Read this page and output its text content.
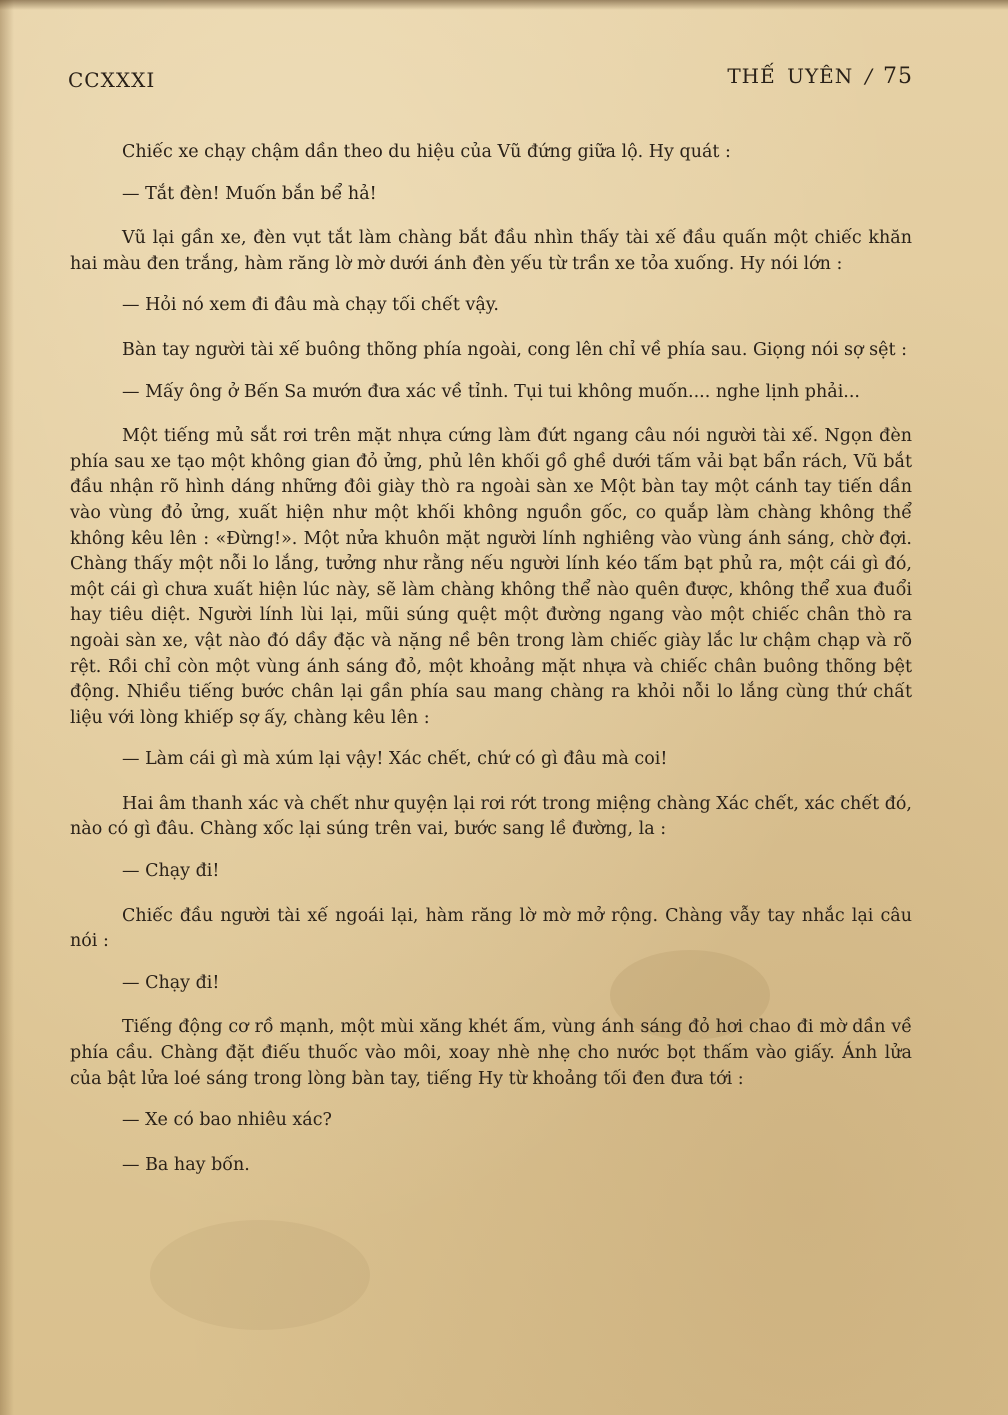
CCXXXI	THẾ UYÊN / 75

Chiếc xe chạy chậm dần theo du hiệu của Vũ đứng giữa lộ. Hy quát :

— Tắt đèn! Muốn bắn bể hả!

Vũ lại gần xe, đèn vụt tắt làm chàng bắt đầu nhìn thấy tài xế đầu quấn một chiếc khăn hai màu đen trắng, hàm răng lờ mờ dưới ánh đèn yếu từ trần xe tỏa xuống. Hy nói lớn :

— Hỏi nó xem đi đâu mà chạy tối chết vậy.

Bàn tay người tài xế buông thõng phía ngoài, cong lên chỉ về phía sau. Giọng nói sợ sệt :

— Mấy ông ở Bến Sa mướn đưa xác về tỉnh. Tụi tui không muốn.... nghe lịnh phải...

Một tiếng mủ sắt rơi trên mặt nhựa cứng làm đứt ngang câu nói người tài xế. Ngọn đèn phía sau xe tạo một không gian đỏ ửng, phủ lên khối gồ ghề dưới tấm vải bạt bẩn rách, Vũ bắt đầu nhận rõ hình dáng những đôi giày thò ra ngoài sàn xe Một bàn tay một cánh tay tiến dần vào vùng đỏ ửng, xuất hiện như một khối không nguồn gốc, co quắp làm chàng không thể không kêu lên : «Đừng!». Một nửa khuôn mặt người lính nghiêng vào vùng ánh sáng, chờ đợi. Chàng thấy một nỗi lo lắng, tưởng như rằng nếu người lính kéo tấm bạt phủ ra, một cái gì đó, một cái gì chưa xuất hiện lúc này, sẽ làm chàng không thể nào quên được, không thể xua đuổi hay tiêu diệt. Người lính lùi lại, mũi súng quệt một đường ngang vào một chiếc chân thò ra ngoài sàn xe, vật nào đó dầy đặc và nặng nề bên trong làm chiếc giày lắc lư chậm chạp và rõ rệt. Rồi chỉ còn một vùng ánh sáng đỏ, một khoảng mặt nhựa và chiếc chân buông thõng bệt động. Nhiều tiếng bước chân lại gần phía sau mang chàng ra khỏi nỗi lo lắng cùng thứ chất liệu với lòng khiếp sợ ấy, chàng kêu lên :

— Làm cái gì mà xúm lại vậy! Xác chết, chứ có gì đâu mà coi!

Hai âm thanh xác và chết như quyện lại rơi rớt trong miệng chàng Xác chết, xác chết đó, nào có gì đâu. Chàng xốc lại súng trên vai, bước sang lề đường, la :

— Chạy đi!

Chiếc đầu người tài xế ngoái lại, hàm răng lờ mờ mở rộng. Chàng vẫy tay nhắc lại câu nói :

— Chạy đi!

Tiếng động cơ rồ mạnh, một mùi xăng khét ấm, vùng ánh sáng đỏ hơi chao đi mờ dần về phía cầu. Chàng đặt điếu thuốc vào môi, xoay nhè nhẹ cho nước bọt thấm vào giấy. Ánh lửa của bật lửa loé sáng trong lòng bàn tay, tiếng Hy từ khoảng tối đen đưa tới :

— Xe có bao nhiêu xác?

— Ba hay bốn.
